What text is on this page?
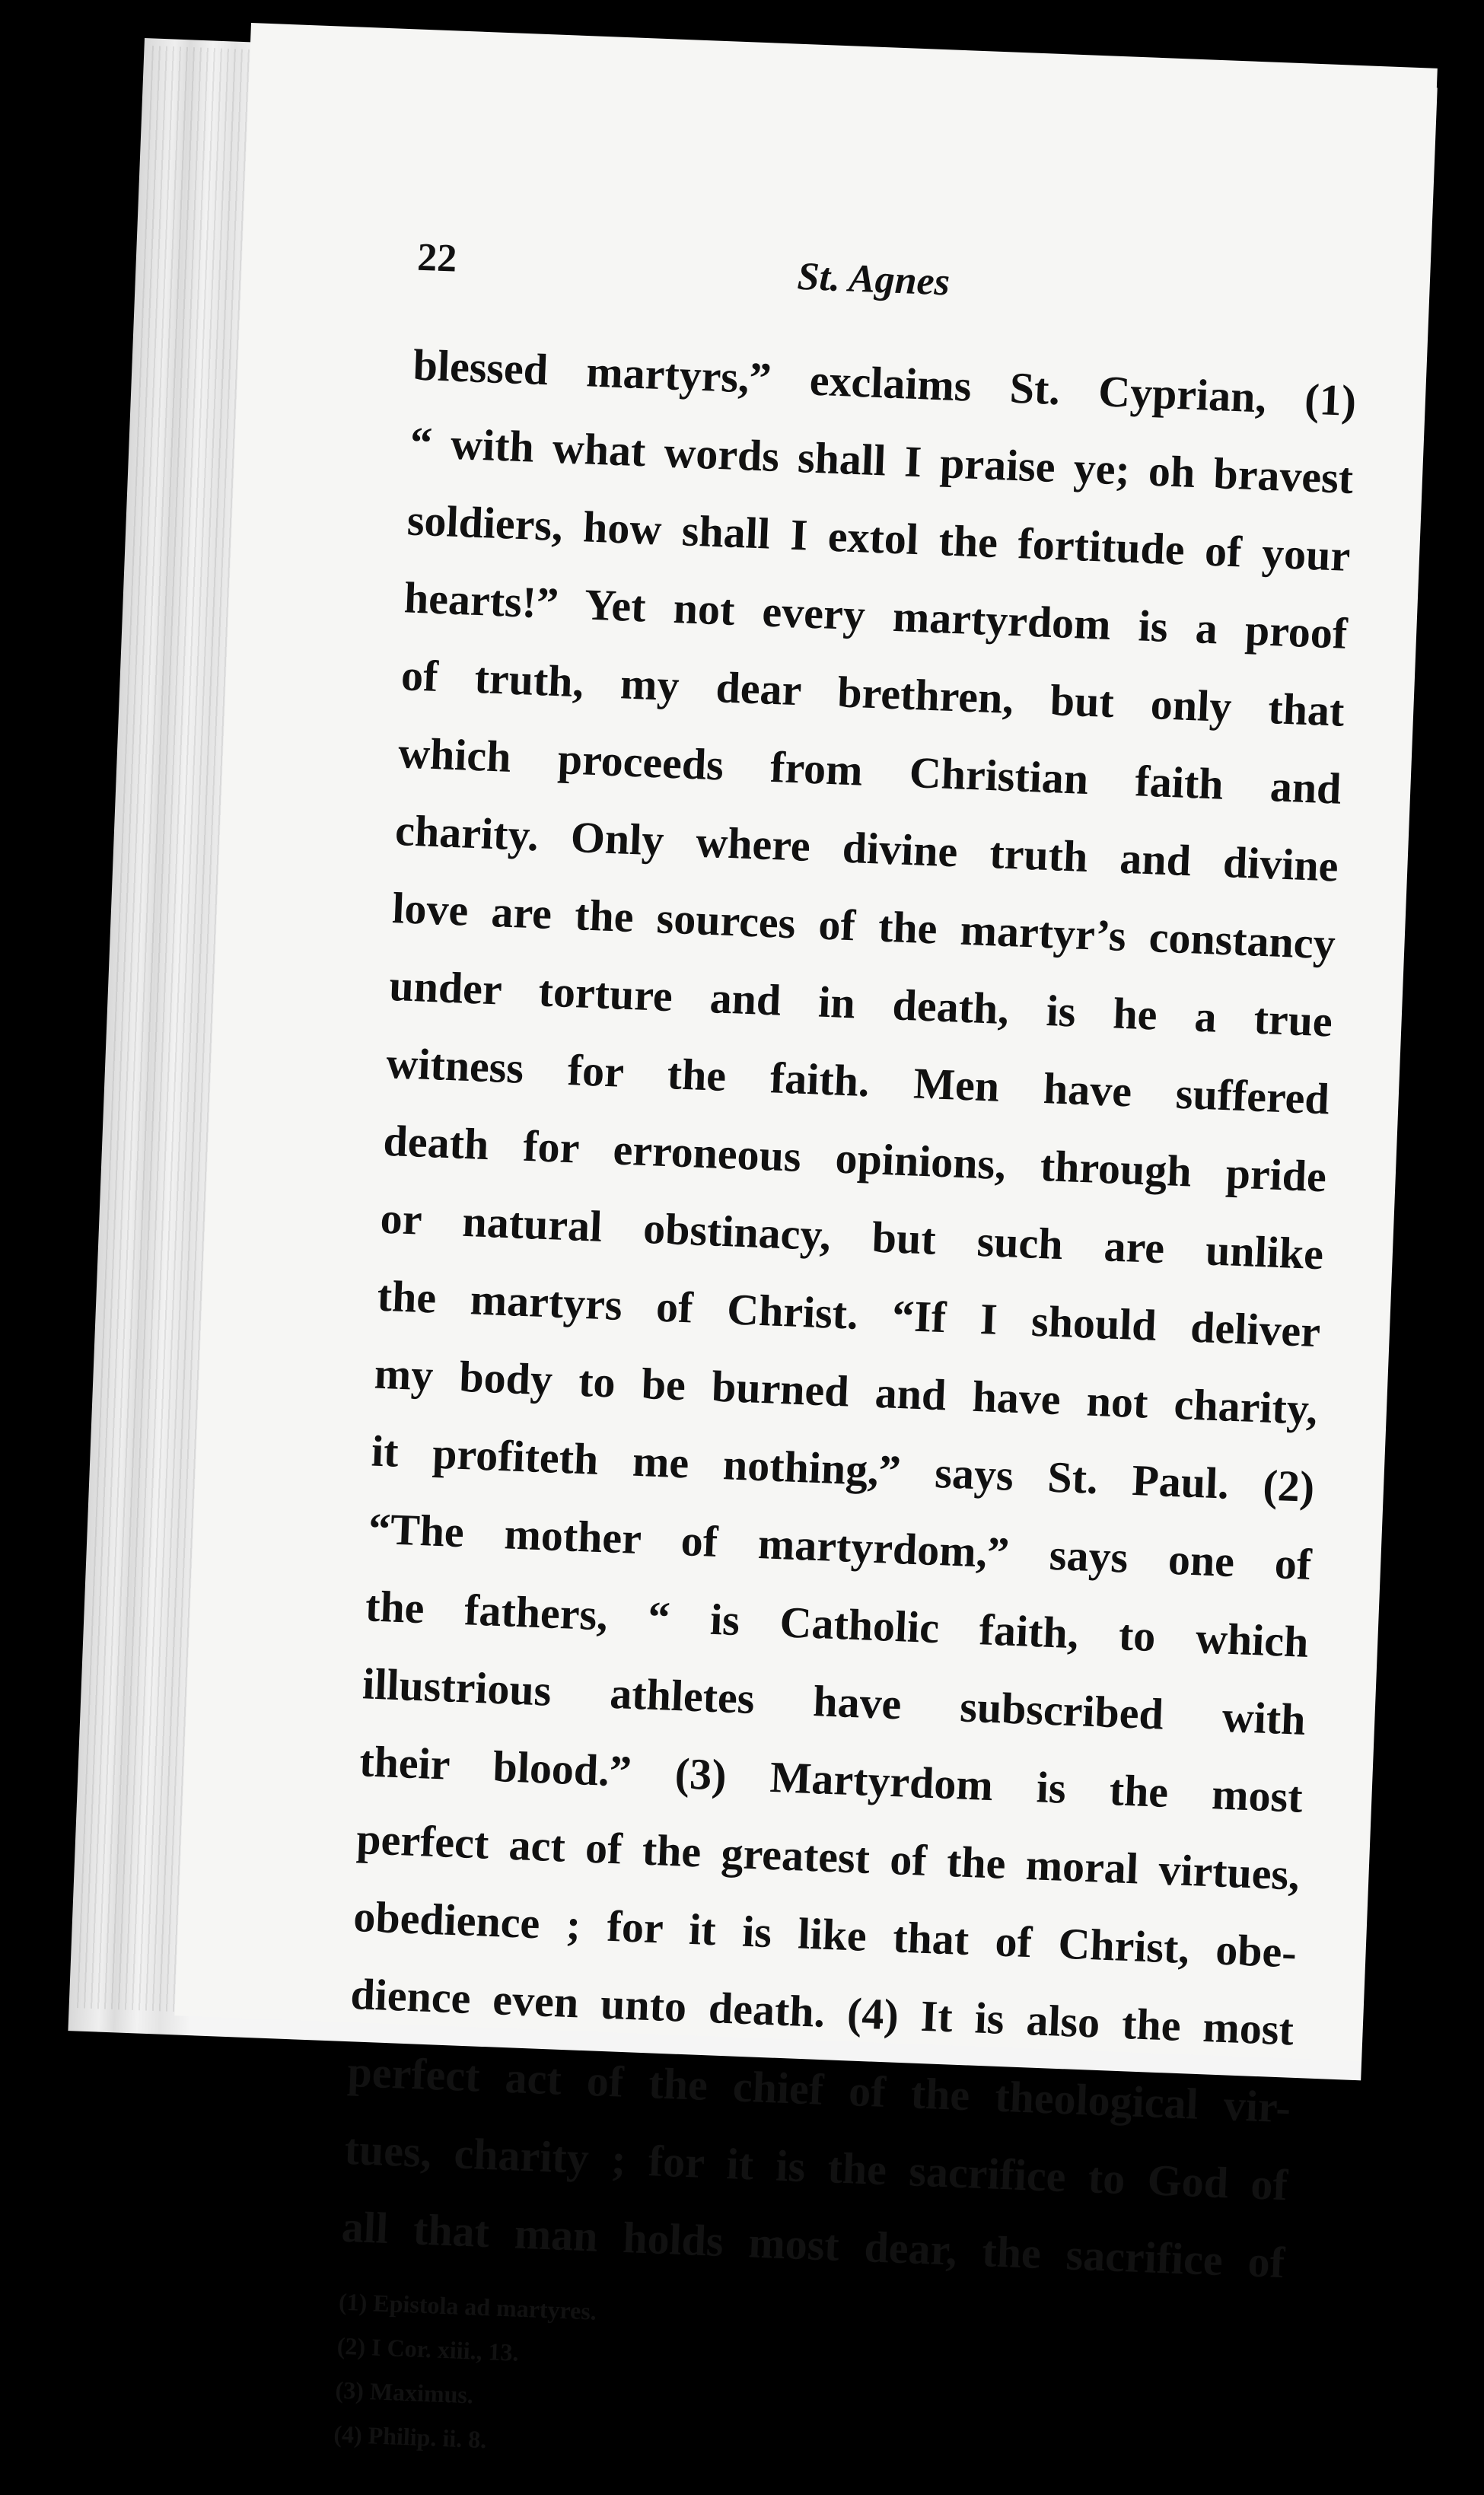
22	St. Agnes
blessed martyrs,” exclaims St. Cyprian, (1)
“ with what words shall I praise ye; oh bravest
soldiers, how shall I extol the fortitude of your
hearts!” Yet not every martyrdom is a proof
of truth, my dear brethren, but only that
which proceeds from Christian faith and
charity. Only where divine truth and divine
love are the sources of the martyr’s constancy
under torture and in death, is he a true
witness for the faith. Men have suffered
death for erroneous opinions, through pride
or natural obstinacy, but such are unlike
the martyrs of Christ. “If I should deliver
my body to be burned and have not charity,
it profiteth me nothing,” says St. Paul. (2)
“The mother of martyrdom,” says one of
the fathers, “ is Catholic faith, to which
illustrious athletes have subscribed with
their blood.” (3) Martyrdom is the most
perfect act of the greatest of the moral virtues,
obedience ; for it is like that of Christ, obe-
dience even unto death. (4) It is also the most
perfect act of the chief of the theological vir-
tues, charity ; for it is the sacrifice to God of
all that man holds most dear, the sacrifice of
(1) Epistola ad martyres.
(2) I Cor. xiii., 13.
(3) Maximus.
(4) Philip. ii. 8.
